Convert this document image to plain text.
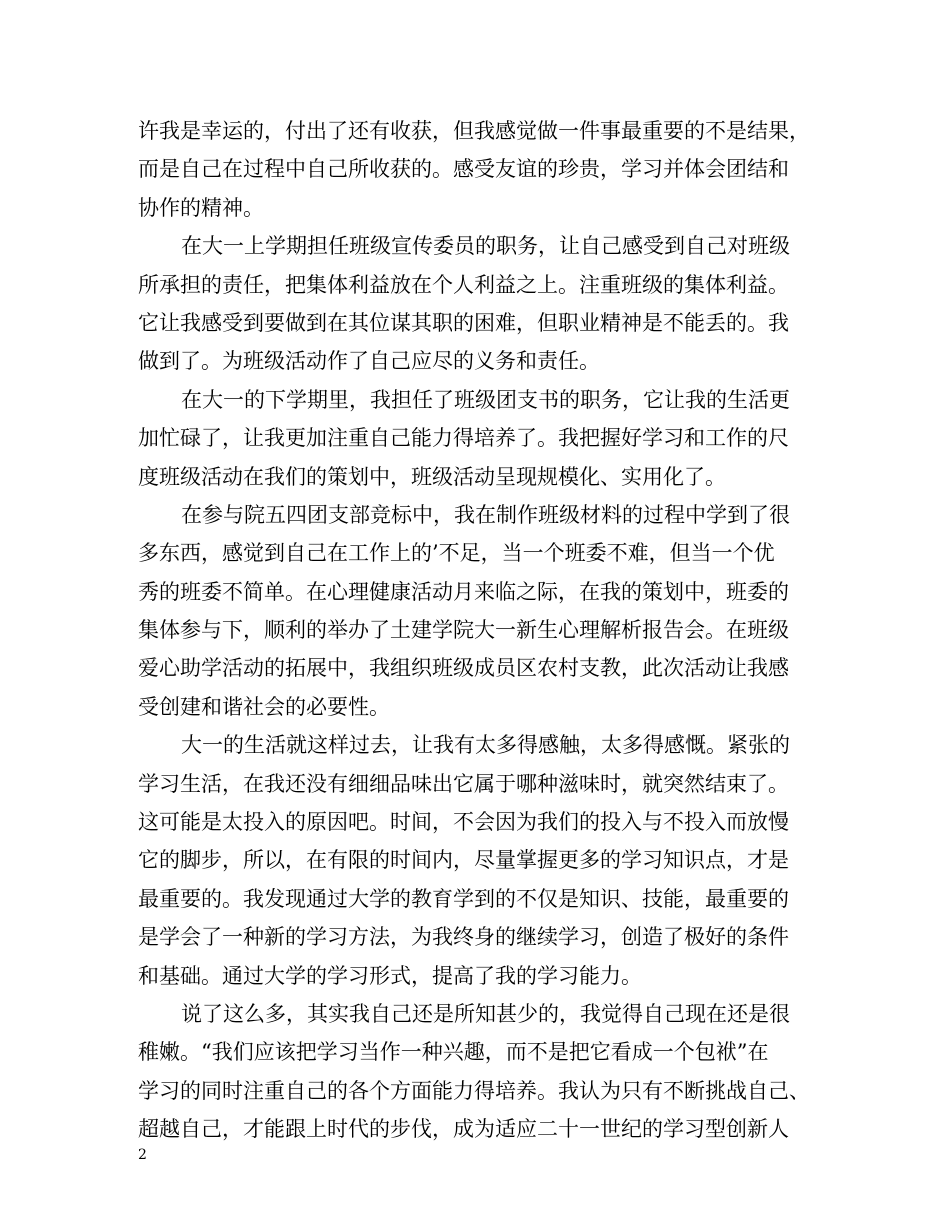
许我是幸运的，付出了还有收获，但我感觉做一件事最重要的不是结果，
而是自己在过程中自己所收获的。感受友谊的珍贵，学习并体会团结和
协作的精神。
在大一上学期担任班级宣传委员的职务，让自己感受到自己对班级
所承担的责任，把集体利益放在个人利益之上。注重班级的集体利益。
它让我感受到要做到在其位谋其职的困难，但职业精神是不能丢的。我
做到了。为班级活动作了自己应尽的义务和责任。
在大一的下学期里，我担任了班级团支书的职务，它让我的生活更
加忙碌了，让我更加注重自己能力得培养了。我把握好学习和工作的尺
度班级活动在我们的策划中，班级活动呈现规模化、实用化了。
在参与院五四团支部竞标中，我在制作班级材料的过程中学到了很
多东西，感觉到自己在工作上的’不足，当一个班委不难，但当一个优
秀的班委不简单。在心理健康活动月来临之际，在我的策划中，班委的
集体参与下，顺利的举办了土建学院大一新生心理解析报告会。在班级
爱心助学活动的拓展中，我组织班级成员区农村支教，此次活动让我感
受创建和谐社会的必要性。
大一的生活就这样过去，让我有太多得感触，太多得感慨。紧张的
学习生活，在我还没有细细品味出它属于哪种滋味时，就突然结束了。
这可能是太投入的原因吧。时间，不会因为我们的投入与不投入而放慢
它的脚步，所以，在有限的时间内，尽量掌握更多的学习知识点，才是
最重要的。我发现通过大学的教育学到的不仅是知识、技能，最重要的
是学会了一种新的学习方法，为我终身的继续学习，创造了极好的条件
和基础。通过大学的学习形式，提高了我的学习能力。
说了这么多，其实我自己还是所知甚少的，我觉得自己现在还是很
稚嫩。“我们应该把学习当作一种兴趣，而不是把它看成一个包袱”在
学习的同时注重自己的各个方面能力得培养。我认为只有不断挑战自己、
超越自己，才能跟上时代的步伐，成为适应二十一世纪的学习型创新人
2
